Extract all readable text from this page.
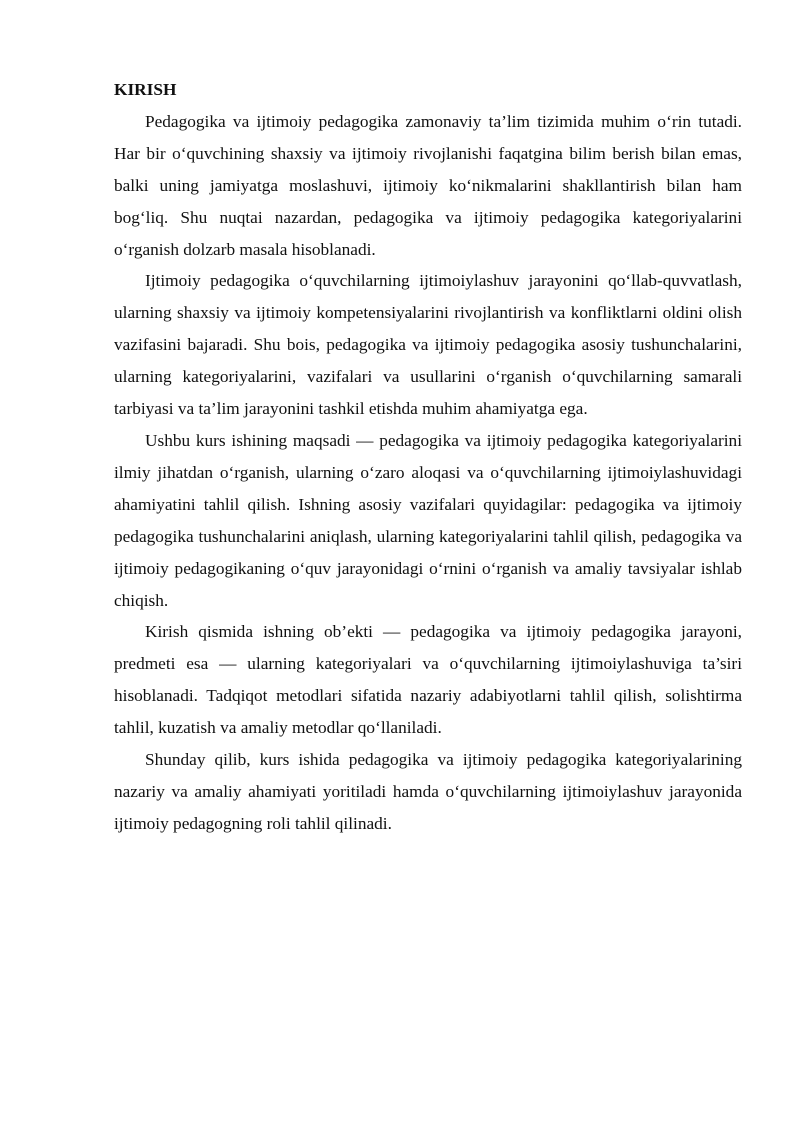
KIRISH

Pedagogika va ijtimoiy pedagogika zamonaviy ta’lim tizimida muhim o‘rin tutadi. Har bir o‘quvchining shaxsiy va ijtimoiy rivojlanishi faqatgina bilim berish bilan emas, balki uning jamiyatga moslashuvi, ijtimoiy ko‘nikmalarini shakllantirish bilan ham bog‘liq. Shu nuqtai nazardan, pedagogika va ijtimoiy pedagogika kategoriyalarini o‘rganish dolzarb masala hisoblanadi.

Ijtimoiy pedagogika o‘quvchilarning ijtimoiylashuv jarayonini qo‘llab-quvvatlash, ularning shaxsiy va ijtimoiy kompetensiyalarini rivojlantirish va konfliktlarni oldini olish vazifasini bajaradi. Shu bois, pedagogika va ijtimoiy pedagogika asosiy tushunchalarini, ularning kategoriyalarini, vazifalari va usullarini o‘rganish o‘quvchilarning samarali tarbiyasi va ta’lim jarayonini tashkil etishda muhim ahamiyatga ega.

Ushbu kurs ishining maqsadi — pedagogika va ijtimoiy pedagogika kategoriyalarini ilmiy jihatdan o‘rganish, ularning o‘zaro aloqasi va o‘quvchilarning ijtimoiylashuvidagi ahamiyatini tahlil qilish. Ishning asosiy vazifalari quyidagilar: pedagogika va ijtimoiy pedagogika tushunchalarini aniqlash, ularning kategoriyalarini tahlil qilish, pedagogika va ijtimoiy pedagogikaning o‘quv jarayonidagi o‘rnini o‘rganish va amaliy tavsiyalar ishlab chiqish.

Kirish qismida ishning ob’ekti — pedagogika va ijtimoiy pedagogika jarayoni, predmeti esa — ularning kategoriyalari va o‘quvchilarning ijtimoiylashuviga ta’siri hisoblanadi. Tadqiqot metodlari sifatida nazariy adabiyotlarni tahlil qilish, solishtirma tahlil, kuzatish va amaliy metodlar qo‘llaniladi.

Shunday qilib, kurs ishida pedagogika va ijtimoiy pedagogika kategoriyalarining nazariy va amaliy ahamiyati yoritiladi hamda o‘quvchilarning ijtimoiylashuv jarayonida ijtimoiy pedagogning roli tahlil qilinadi.
